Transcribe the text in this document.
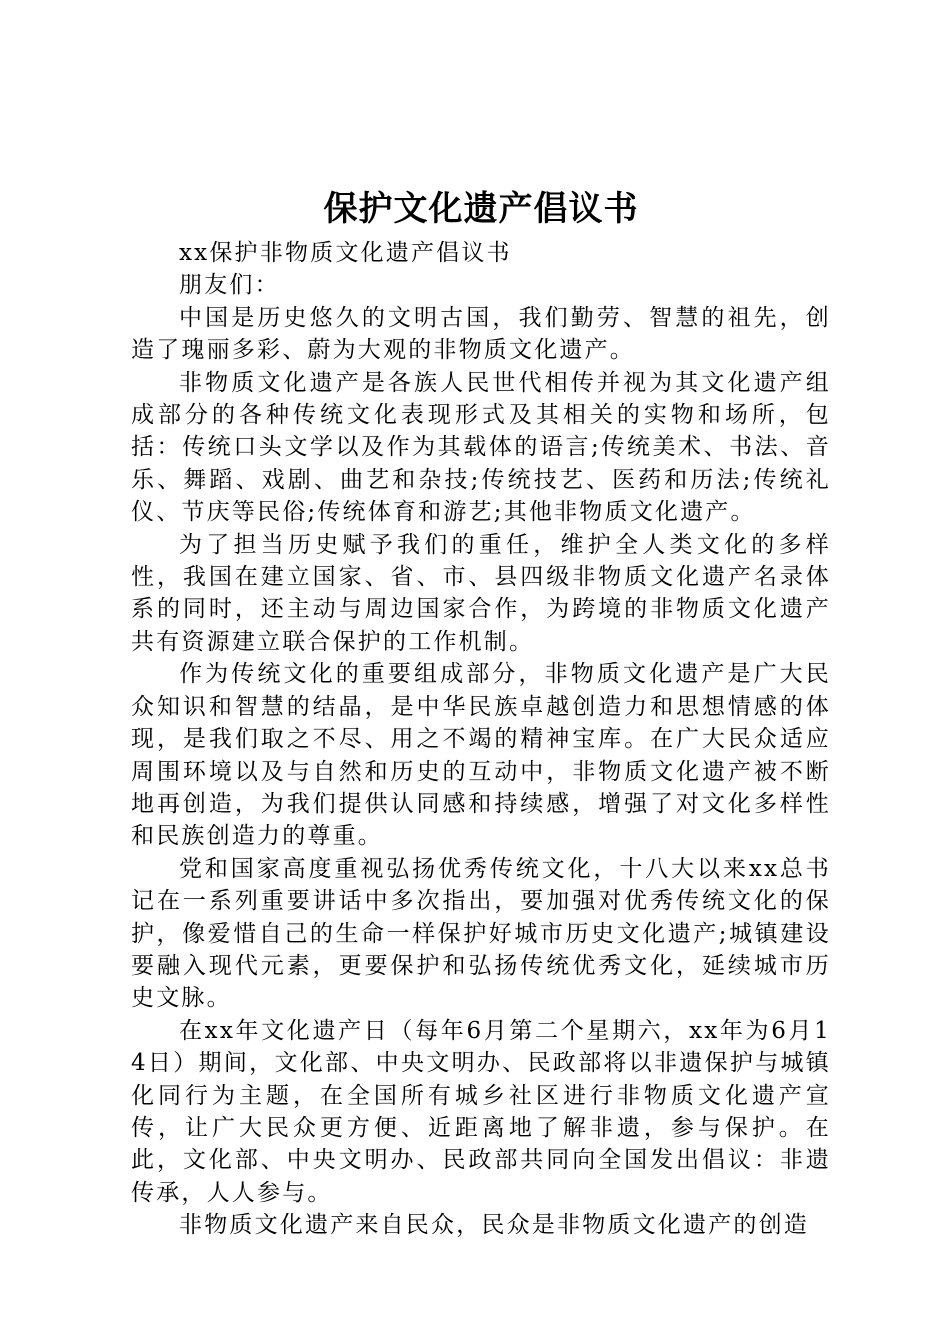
保护文化遗产倡议书

xx保护非物质文化遗产倡议书

朋友们：

中国是历史悠久的文明古国，我们勤劳、智慧的祖先，创造了瑰丽多彩、蔚为大观的非物质文化遗产。

非物质文化遗产是各族人民世代相传并视为其文化遗产组成部分的各种传统文化表现形式及其相关的实物和场所，包括：传统口头文学以及作为其载体的语言;传统美术、书法、音乐、舞蹈、戏剧、曲艺和杂技;传统技艺、医药和历法;传统礼仪、节庆等民俗;传统体育和游艺;其他非物质文化遗产。

为了担当历史赋予我们的重任，维护全人类文化的多样性，我国在建立国家、省、市、县四级非物质文化遗产名录体系的同时，还主动与周边国家合作，为跨境的非物质文化遗产共有资源建立联合保护的工作机制。

作为传统文化的重要组成部分，非物质文化遗产是广大民众知识和智慧的结晶，是中华民族卓越创造力和思想情感的体现，是我们取之不尽、用之不竭的精神宝库。在广大民众适应周围环境以及与自然和历史的互动中，非物质文化遗产被不断地再创造，为我们提供认同感和持续感，增强了对文化多样性和民族创造力的尊重。

党和国家高度重视弘扬优秀传统文化，十八大以来xx总书记在一系列重要讲话中多次指出，要加强对优秀传统文化的保护，像爱惜自己的生命一样保护好城市历史文化遗产;城镇建设要融入现代元素，更要保护和弘扬传统优秀文化，延续城市历史文脉。

在xx年文化遗产日（每年6月第二个星期六，xx年为6月14日）期间，文化部、中央文明办、民政部将以非遗保护与城镇化同行为主题，在全国所有城乡社区进行非物质文化遗产宣传，让广大民众更方便、近距离地了解非遗，参与保护。在此，文化部、中央文明办、民政部共同向全国发出倡议：非遗传承，人人参与。

非物质文化遗产来自民众，民众是非物质文化遗产的创造
